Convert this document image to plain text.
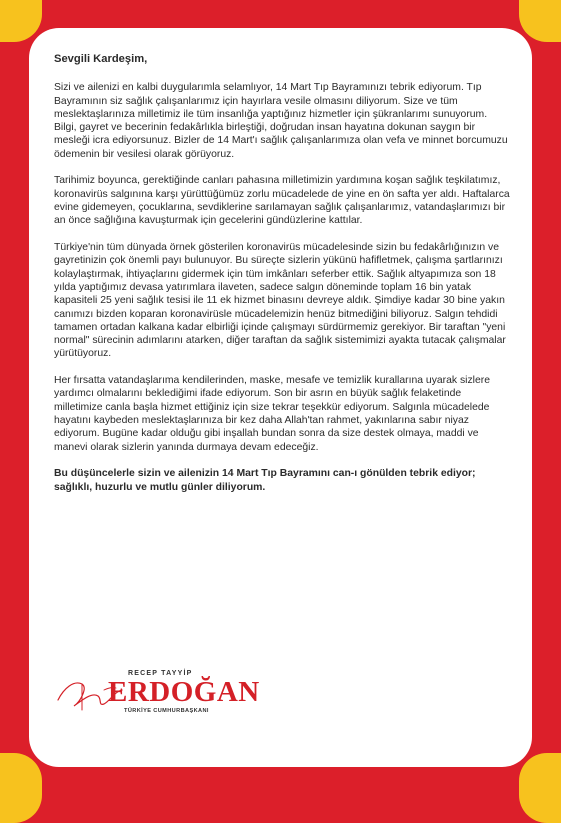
Sevgili Kardeşim,

Sizi ve ailenizi en kalbi duygularımla selamlıyor, 14 Mart Tıp Bayramınızı tebrik ediyorum. Tıp Bayramının siz sağlık çalışanlarımız için hayırlara vesile olmasını diliyorum. Size ve tüm meslektaşlarınıza milletimiz ile tüm insanlığa yaptığınız hizmetler için şükranlarımı sunuyorum. Bilgi, gayret ve becerinin fedakârlıkla birleştiği, doğrudan insan hayatına dokunan saygın bir mesleği icra ediyorsunuz. Bizler de 14 Mart'ı sağlık çalışanlarımıza olan vefa ve minnet borcumuzu ödemenin bir vesilesi olarak görüyoruz.

Tarihimiz boyunca, gerektiğinde canları pahasına milletimizin yardımına koşan sağlık teşkilatımız, koronavirüs salgınına karşı yürüttüğümüz zorlu mücadelede de yine en ön safta yer aldı. Haftalarca evine gidemeyen, çocuklarına, sevdiklerine sarılamayan sağlık çalışanlarımız, vatandaşlarımızı bir an önce sağlığına kavuşturmak için gecelerini gündüzlerine kattılar.

Türkiye'nin tüm dünyada örnek gösterilen koronavirüs mücadelesinde sizin bu fedakârlığınızın ve gayretinizin çok önemli payı bulunuyor. Bu süreçte sizlerin yükünü hafifletmek, çalışma şartlarınızı kolaylaştırmak, ihtiyaçlarını gidermek için tüm imkânları seferber ettik. Sağlık altyapımıza son 18 yılda yaptığımız devasa yatırımlara ilaveten, sadece salgın döneminde toplam 16 bin yatak kapasiteli 25 yeni sağlık tesisi ile 11 ek hizmet binasını devreye aldık. Şimdiye kadar 30 bine yakın canımızı bizden koparan koronavirüsle mücadelemizin henüz bitmediğini biliyoruz. Salgın tehdidi tamamen ortadan kalkana kadar elbirliği içinde çalışmayı sürdürmemiz gerekiyor. Bir taraftan "yeni normal" sürecinin adımlarını atarken, diğer taraftan da sağlık sistemimizi ayakta tutacak çalışmalar yürütüyoruz.

Her fırsatta vatandaşlarıma kendilerinden, maske, mesafe ve temizlik kurallarına uyarak sizlere yardımcı olmalarını beklediğimi ifade ediyorum. Son bir asrın en büyük sağlık felaketinde milletimize canla başla hizmet ettiğiniz için size tekrar teşekkür ediyorum. Salgınla mücadelede hayatını kaybeden meslektaşlarınıza bir kez daha Allah'tan rahmet, yakınlarına sabır niyaz ediyorum. Bugüne kadar olduğu gibi inşallah bundan sonra da size destek olmaya, maddi ve manevi olarak sizlerin yanında durmaya devam edeceğiz.

Bu düşüncelerle sizin ve ailenizin 14 Mart Tıp Bayramını can-ı gönülden tebrik ediyor; sağlıklı, huzurlu ve mutlu günler diliyorum.

RECEP TAYYİP
ERDOĞAN
TÜRKİYE CUMHURBAŞKANI
